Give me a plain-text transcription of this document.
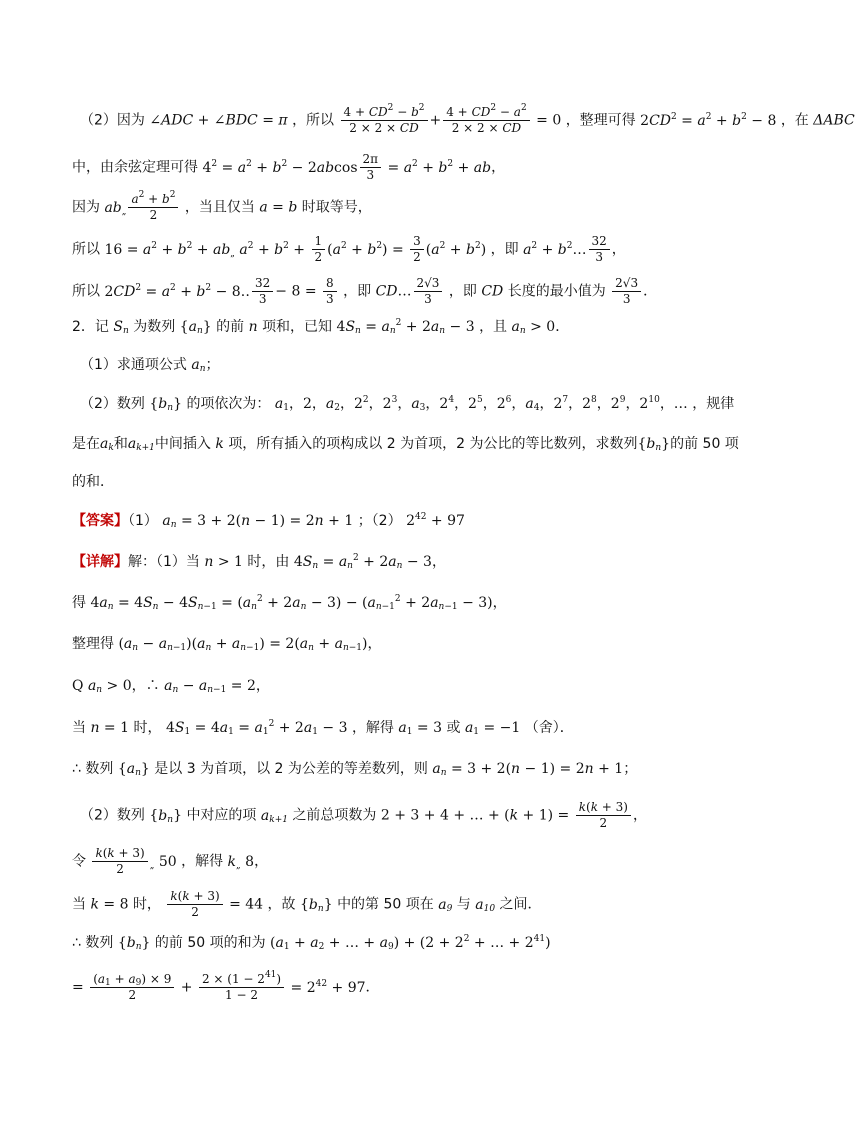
（2）因为 ∠ADC + ∠BDC = π ，所以 $\frac{4 + CD^2 - b^2}{2 \times 2 \times CD} + \frac{4 + CD^2 - a^2}{2 \times 2 \times CD} = 0$ ，整理可得 $2CD^2 = a^2 + b^2 - 8$ ，在 ΔABC
中，由余弦定理可得 $4^2 = a^2 + b^2 - 2abcos \frac{2\pi}{3} = a^2 + b^2$ + ab，
因为 $ab_„ \frac{a^2 + b^2}{2}$ ，当且仅当 a = b 时取等号，
所以 $16 = a^2 + b^2 + ab_„$ $a^2 + b^2 + \frac{1}{2} (a^2 + b^2) = \frac{3}{2} (a^2 + b^2)$ ，即 $a^2$ + $b^2\dots \frac{32}{3}$ ，
所以 $2CD^2 = a^2 + b^2$ − 8‥ $\frac{32}{3} - 8 = \frac{8}{3}$ ，即 CD… $\frac{2√3}{3}$ ，即 CD 长度的最小值为 $\frac{2√3}{3}$ ．
2．记 $S_n$ 为数列 $\{a_n\}$ 的前 n 项和，已知 $4S_n = a_n^2 + 2a_n - 3$ ，且 $a_n > 0$．
（1）求通项公式 $a_n$；
（2）数列 $\{b_n\}$ 的项依次为： $a_1$，2，$a_2$，$2^2$，$2^3$，$a_3$，$2^4$，$2^5$，$2^6$，$a_4$，$2^7$，$2^8$，$2^9$，$2^{10}$，… ，规律
是在$a_k$和$a_{k+1}$中间插入 k 项，所有插入的项构成以 2 为首项，2 为公比的等比数列，求数列$\{b_n\}$的前 50 项
的和．
【答案】（1） $a_n = 3 + 2(n - 1) = 2n + 1$ ；（2） $2^{42} + 97$
【详解】解：（1）当 n > 1 时，由 $4S_n = a_n^2 + 2a_n - 3$，
得 $4a_n = 4S_n - 4S_{n-1} = (a_n^2 + 2a_n - 3) - (a_{n-1}^2 + 2a_{n-1} - 3)$，
整理得 $(a_n - a_{n-1})(a_n + a_{n-1}) = 2(a_n + a_{n-1})$，
Q $a_n > 0$，∴ $a_n - a_{n-1} = 2$，
当 n = 1 时， $4S_1 = 4a_1 = a_1^2 + 2a_1 - 3$ ，解得 $a_1 = 3$ 或 $a_1 = -1$ （舍）．
∴ 数列 $\{a_n\}$ 是以 3 为首项，以 2 为公差的等差数列，则 $a_n = 3 + 2(n - 1) = 2n + 1$；
（2）数列 $\{b_n\}$ 中对应的项 $a_{k+1}$ 之前总项数为 2 + 3 + 4 + … + $(k + 1) = \frac{k(k + 3)}{2}$ ，
令 $\frac{k(k + 3)}{2} _„$ 50 ，解得 $k_„$ 8，
当 k = 8 时， $\frac{k(k + 3)}{2} = 44$ ，故 $\{b_n\}$ 中的第 50 项在 $a_9$ 与 $a_{10}$ 之间．
∴ 数列 $\{b_n\}$ 的前 50 项的和为 ($a_1 + a_2$ + … + $a_9) + (2 + 2^2$ + … + $2^{41}$)
= $\frac{(a_1 + a_9) \times 9}{2} + \frac{2 \times (1 - 2^{41})}{1 - 2} = 2^{42} + 97$．
